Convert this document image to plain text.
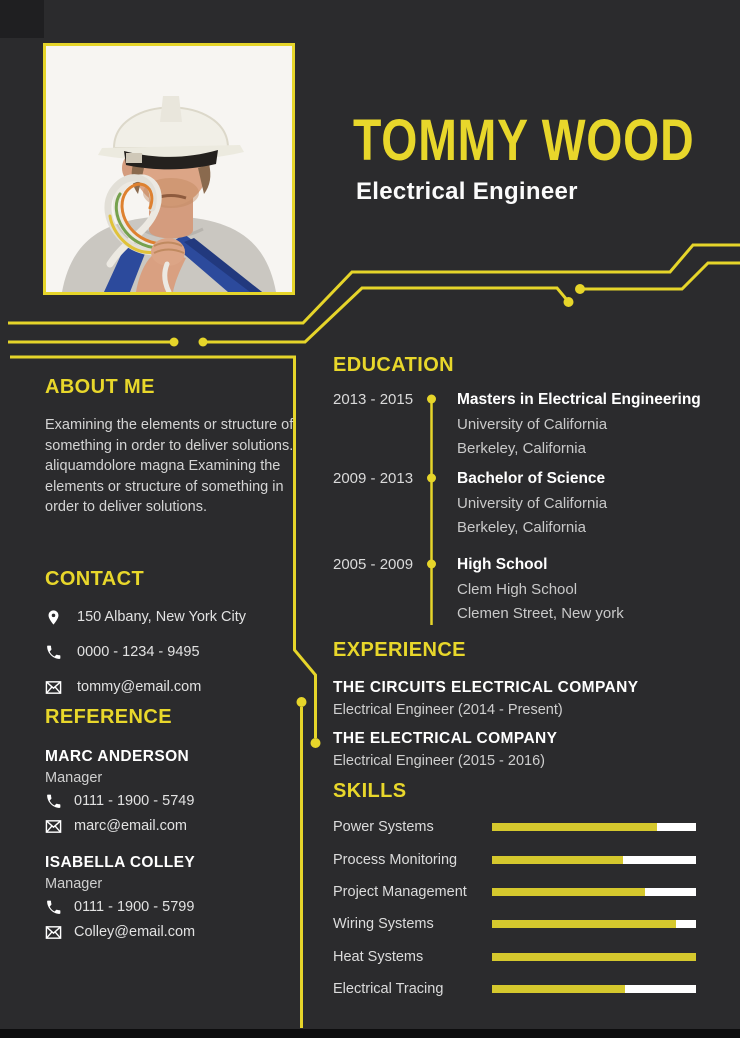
TOMMY WOOD
Electrical Engineer
ABOUT ME

Examining the elements or structure of something in order to deliver solutions. aliquamdolore magna Examining the elements or structure of something in order to deliver solutions.

CONTACT
150 Albany, New York City
0000 - 1234 - 9495
tommy@email.com
REFERENCE
MARC ANDERSON
Manager
0111 - 1900 - 5749
marc@email.com
ISABELLA COLLEY
Manager
0111 - 1900 - 5799
Colley@email.com
EDUCATION
2013 - 2015	Masters in Electrical Engineering
University of California
Berkeley, California
2009 - 2013	Bachelor of Science
University of California
Berkeley, California
2005 - 2009	High School
Clem High School
Clemen Street, New york
EXPERIENCE
THE CIRCUITS ELECTRICAL COMPANY
Electrical Engineer (2014 - Present)
THE ELECTRICAL COMPANY
Electrical Engineer (2015 - 2016)
SKILLS
Power Systems
Process Monitoring
Project Management
Wiring Systems
Heat Systems
Electrical Tracing
